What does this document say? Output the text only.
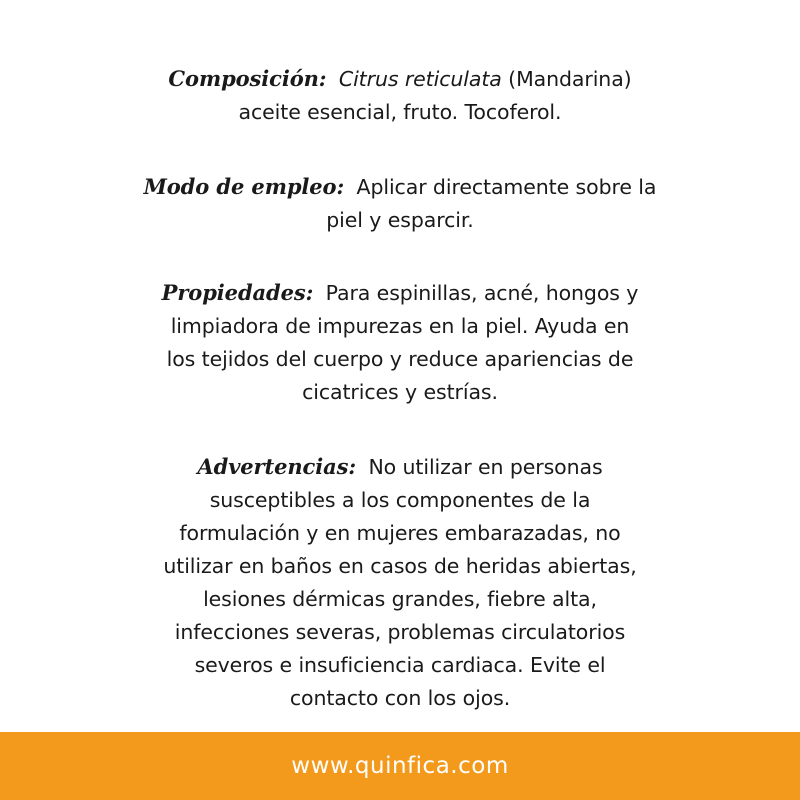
Composición: Citrus reticulata (Mandarina)
aceite esencial, fruto. Tocoferol.
Modo de empleo: Aplicar directamente sobre la
piel y esparcir.
Propiedades: Para espinillas, acné, hongos y
limpiadora de impurezas en la piel. Ayuda en
los tejidos del cuerpo y reduce apariencias de
cicatrices y estrías.
Advertencias: No utilizar en personas
susceptibles a los componentes de la
formulación y en mujeres embarazadas, no
utilizar en baños en casos de heridas abiertas,
lesiones dérmicas grandes, fiebre alta,
infecciones severas, problemas circulatorios
severos e insuficiencia cardiaca. Evite el
contacto con los ojos.
www.quinfica.com
